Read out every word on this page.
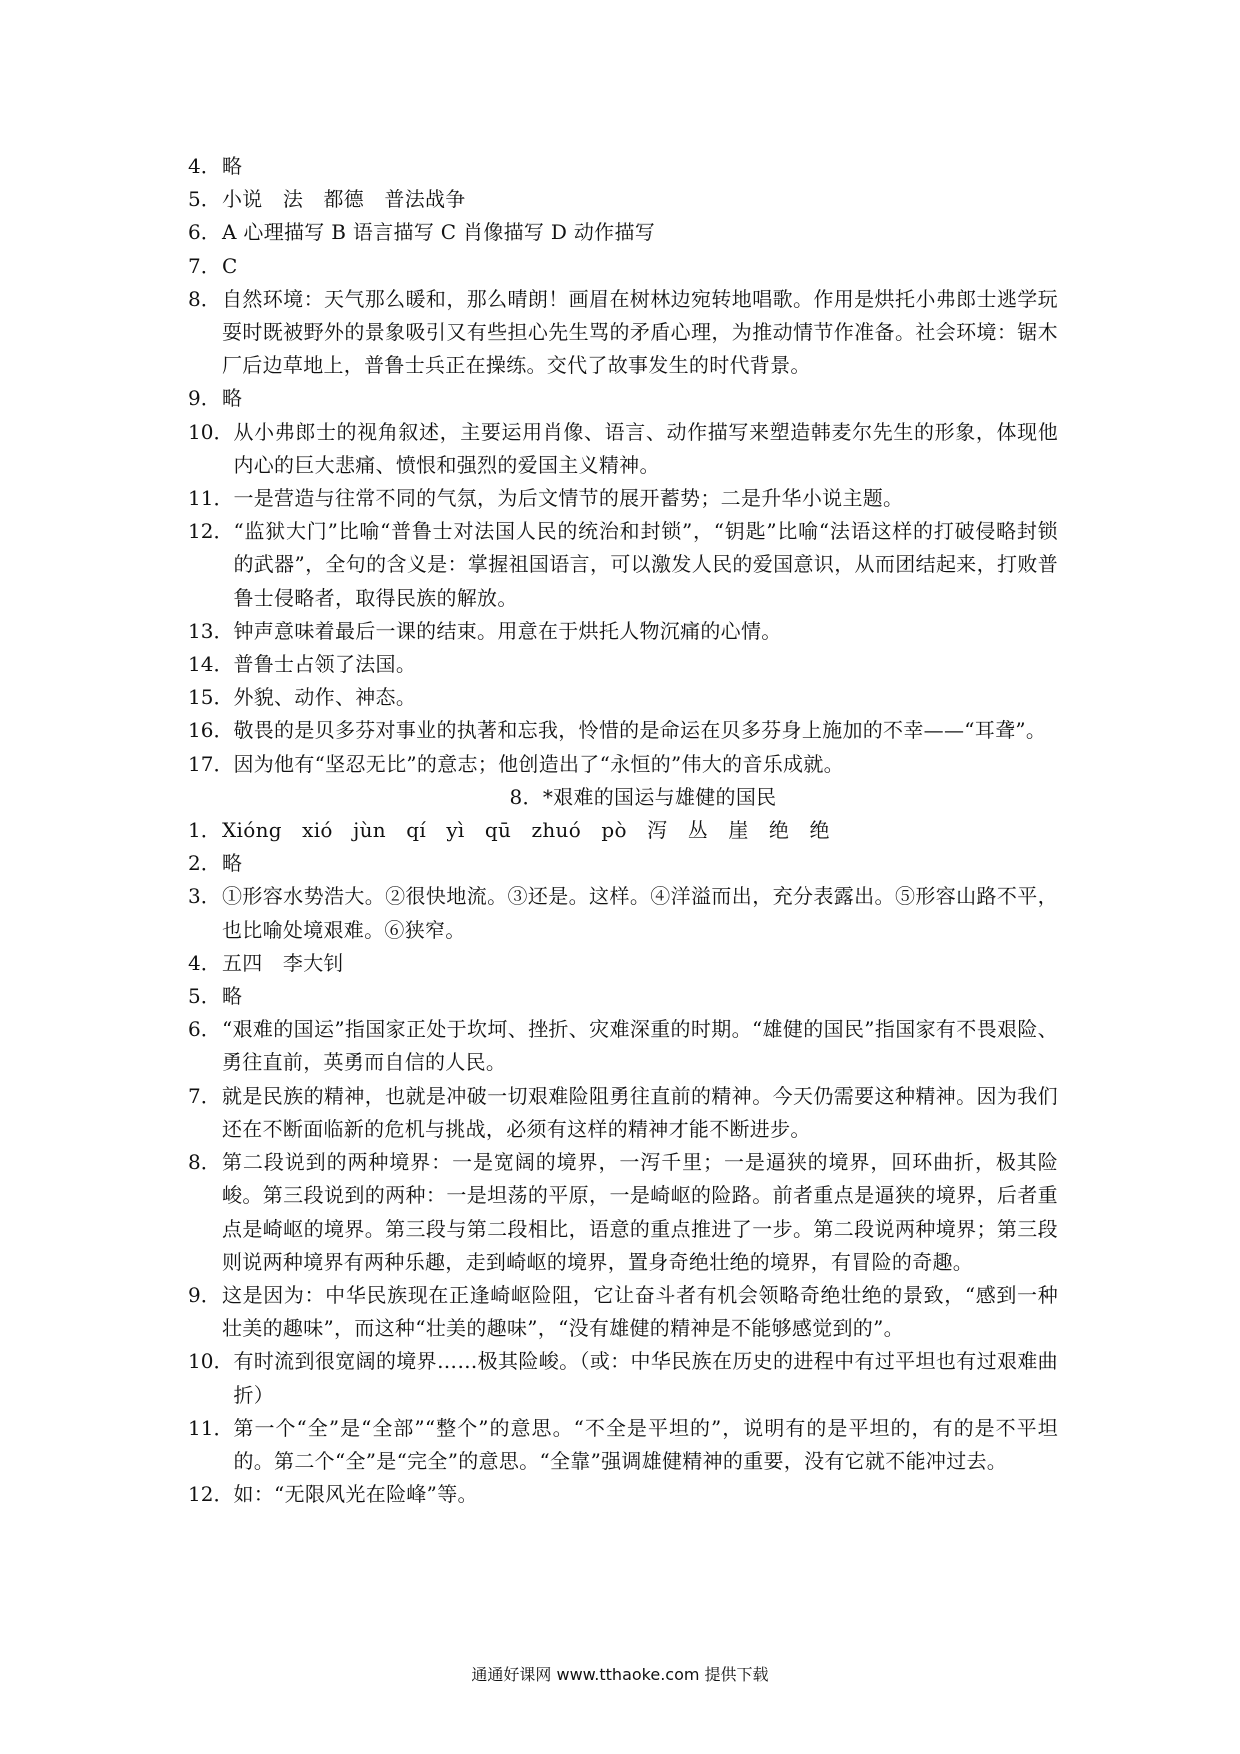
4． 略
5． 小说　法　都德　普法战争
6． A 心理描写 B 语言描写 C 肖像描写 D 动作描写
7． C
8． 自然环境：天气那么暖和，那么晴朗！画眉在树林边宛转地唱歌。作用是烘托小弗郎士逃学玩耍时既被野外的景象吸引又有些担心先生骂的矛盾心理，为推动情节作准备。社会环境：锯木厂后边草地上，普鲁士兵正在操练。交代了故事发生的时代背景。
9． 略
10． 从小弗郎士的视角叙述，主要运用肖像、语言、动作描写来塑造韩麦尔先生的形象，体现他内心的巨大悲痛、愤恨和强烈的爱国主义精神。
11． 一是营造与往常不同的气氛，为后文情节的展开蓄势；二是升华小说主题。
12． “监狱大门”比喻“普鲁士对法国人民的统治和封锁”，“钥匙”比喻“法语这样的打破侵略封锁的武器”，全句的含义是：掌握祖国语言，可以激发人民的爱国意识，从而团结起来，打败普鲁士侵略者，取得民族的解放。
13． 钟声意味着最后一课的结束。用意在于烘托人物沉痛的心情。
14． 普鲁士占领了法国。
15． 外貌、动作、神态。
16． 敬畏的是贝多芬对事业的执著和忘我，怜惜的是命运在贝多芬身上施加的不幸——“耳聋”。
17． 因为他有“坚忍无比”的意志；他创造出了“永恒的”伟大的音乐成就。
8．*艰难的国运与雄健的国民
1． Xióng　xió　jùn　qí　yì　qū　zhuó　pò　泻　丛　崖　绝　绝
2． 略
3． ①形容水势浩大。②很快地流。③还是。这样。④洋溢而出，充分表露出。⑤形容山路不平，也比喻处境艰难。⑥狭窄。
4． 五四　李大钊
5． 略
6． “艰难的国运”指国家正处于坎坷、挫折、灾难深重的时期。“雄健的国民”指国家有不畏艰险、勇往直前，英勇而自信的人民。
7． 就是民族的精神，也就是冲破一切艰难险阻勇往直前的精神。今天仍需要这种精神。因为我们还在不断面临新的危机与挑战，必须有这样的精神才能不断进步。
8． 第二段说到的两种境界：一是宽阔的境界，一泻千里；一是逼狭的境界，回环曲折，极其险峻。第三段说到的两种：一是坦荡的平原，一是崎岖的险路。前者重点是逼狭的境界，后者重点是崎岖的境界。第三段与第二段相比，语意的重点推进了一步。第二段说两种境界；第三段则说两种境界有两种乐趣，走到崎岖的境界，置身奇绝壮绝的境界，有冒险的奇趣。
9． 这是因为：中华民族现在正逢崎岖险阻，它让奋斗者有机会领略奇绝壮绝的景致，“感到一种壮美的趣味”，而这种“壮美的趣味”，“没有雄健的精神是不能够感觉到的”。
10． 有时流到很宽阔的境界……极其险峻。（或：中华民族在历史的进程中有过平坦也有过艰难曲折）
11． 第一个“全”是“全部”“整个”的意思。“不全是平坦的”，说明有的是平坦的，有的是不平坦的。第二个“全”是“完全”的意思。“全靠”强调雄健精神的重要，没有它就不能冲过去。
12． 如：“无限风光在险峰”等。
通通好课网 www.tthaoke.com 提供下载
